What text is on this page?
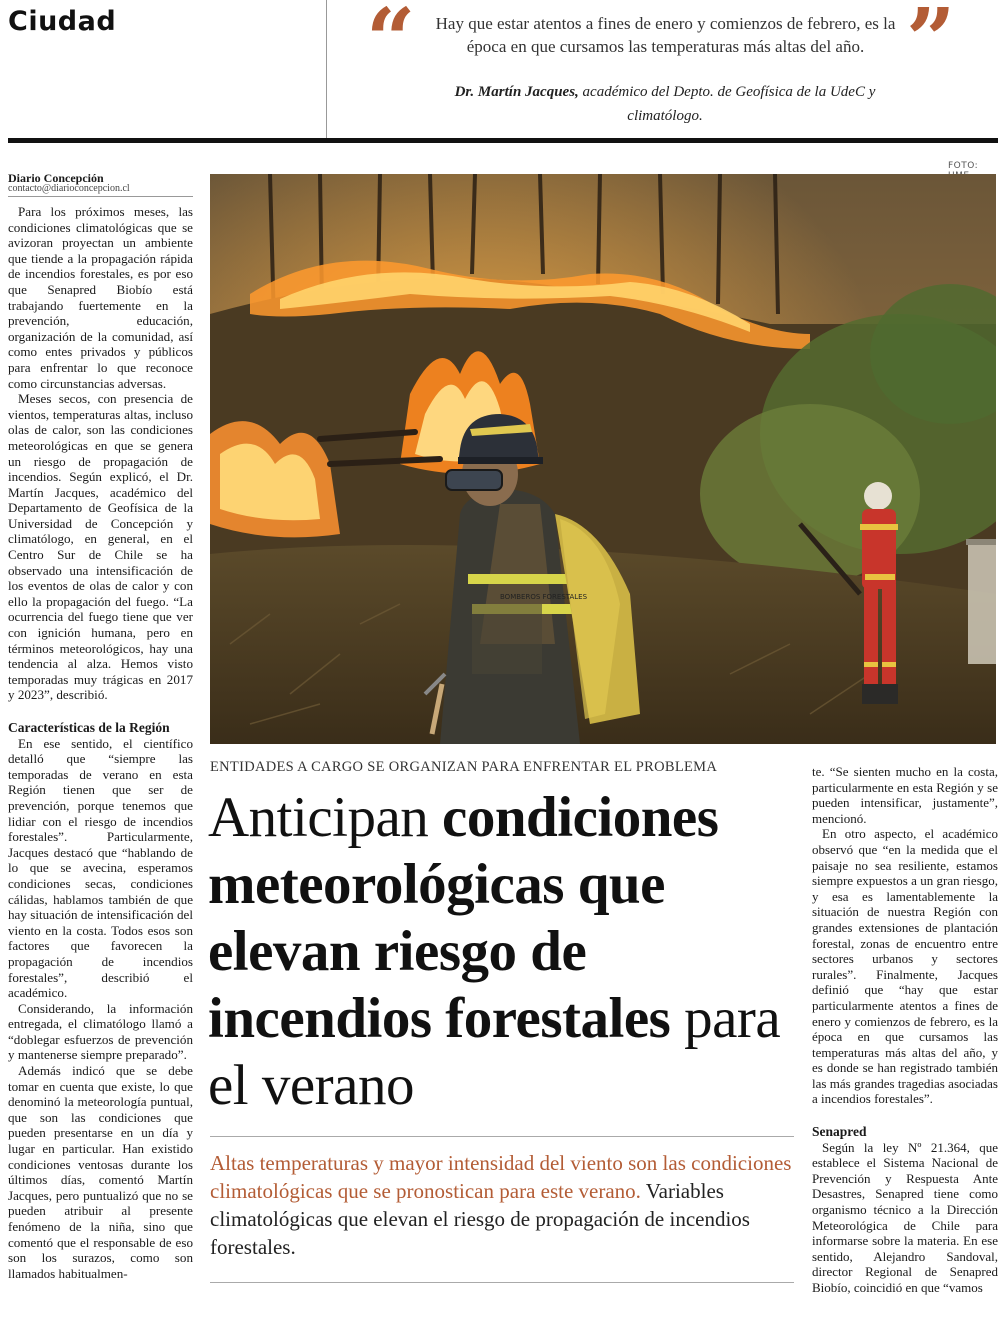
Ciudad	“	”
Hay que estar atentos a fines de enero y comienzos de febrero, es la época en que cursamos las temperaturas más altas del año.
Dr. Martín Jacques, académico del Depto. de Geofísica de la UdeC y climatólogo.
Diario Concepción
contacto@diarioconcepcion.cl

Para los próximos meses, las condiciones climatológicas que se avizoran proyectan un ambiente que tiende a la propagación rápida de incendios forestales, es por eso que Senapred Biobío está trabajando fuertemente en la prevención, educación, organización de la comunidad, así como entes privados y públicos para enfrentar lo que reconoce como circunstancias adversas.

Meses secos, con presencia de vientos, temperaturas altas, incluso olas de calor, son las condiciones meteorológicas en que se genera un riesgo de propagación de incendios. Según explicó, el Dr. Martín Jacques, académico del Departamento de Geofísica de la Universidad de Concepción y climatólogo, en general, en el Centro Sur de Chile se ha observado una intensificación de los eventos de olas de calor y con ello la propagación del fuego. “La ocurrencia del fuego tiene que ver con ignición humana, pero en términos meteorológicos, hay una tendencia al alza. Hemos visto temporadas muy trágicas en 2017 y 2023”, describió.

Características de la Región

En ese sentido, el científico detalló que “siempre las temporadas de verano en esta Región tienen que ser de prevención, porque tenemos que lidiar con el riesgo de incendios forestales”. Particularmente, Jacques destacó que “hablando de lo que se avecina, esperamos condiciones secas, condiciones cálidas, hablamos también de que hay situación de intensificación del viento en la costa. Todos esos son factores que favorecen la propagación de incendios forestales”, describió el académico.

Considerando, la información entregada, el climatólogo llamó a “doblegar esfuerzos de prevención y mantenerse siempre preparado”.

Además indicó que se debe tomar en cuenta que existe, lo que denominó la meteorología puntual, que son las condiciones que pueden presentarse en un día y lugar en particular. Han existido condiciones ventosas durante los últimos días, comentó Martín Jacques, pero puntualizó que no se pueden atribuir al presente fenómeno de la niña, sino que comentó que el responsable de eso son los surazos, como son llamados habitualmen-

FOTO:
BOMBEROS FORESTALES
ENTIDADES A CARGO SE ORGANIZAN PARA ENFRENTAR EL PROBLEMA
Anticipan condiciones meteorológicas que elevan riesgo de incendios forestales para el verano
Altas temperaturas y mayor intensidad del viento son las condiciones climatológicas que se pronostican para este verano. Variables climatológicas que elevan el riesgo de propagación de incendios forestales.

te. “Se sienten mucho en la costa, particularmente en esta Región y se pueden intensificar, justamente”, mencionó.

En otro aspecto, el académico observó que “en la medida que el paisaje no sea resiliente, estamos siempre expuestos a un gran riesgo, y esa es lamentablemente la situación de nuestra Región con grandes extensiones de plantación forestal, zonas de encuentro entre sectores urbanos y sectores rurales”. Finalmente, Jacques definió que “hay que estar particularmente atentos a fines de enero y comienzos de febrero, es la época en que cursamos las temperaturas más altas del año, y es donde se han registrado también las más grandes tragedias asociadas a incendios forestales”.

Senapred

Según la ley Nº 21.364, que establece el Sistema Nacional de Prevención y Respuesta Ante Desastres, Senapred tiene como organismo técnico a la Dirección Meteorológica de Chile para informarse sobre la materia. En ese sentido, Alejandro Sandoval, director Regional de Senapred Biobío, coincidió en que “vamos
